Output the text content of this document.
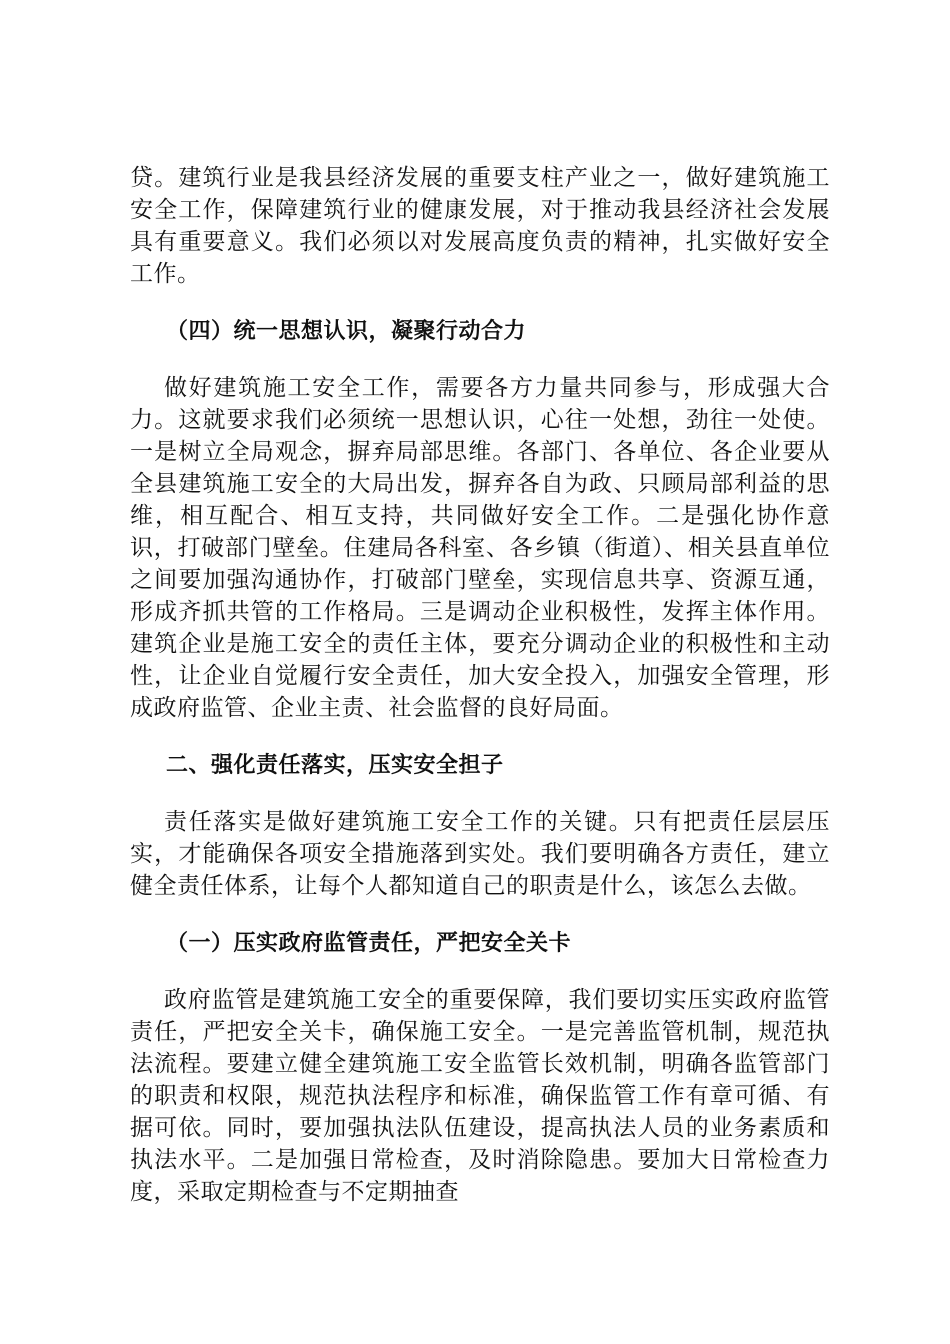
贷。建筑行业是我县经济发展的重要支柱产业之一，做好建筑施工安全工作，保障建筑行业的健康发展，对于推动我县经济社会发展具有重要意义。我们必须以对发展高度负责的精神，扎实做好安全工作。

（四）统一思想认识，凝聚行动合力

做好建筑施工安全工作，需要各方力量共同参与，形成强大合力。这就要求我们必须统一思想认识，心往一处想，劲往一处使。一是树立全局观念，摒弃局部思维。各部门、各单位、各企业要从全县建筑施工安全的大局出发，摒弃各自为政、只顾局部利益的思维，相互配合、相互支持，共同做好安全工作。二是强化协作意识，打破部门壁垒。住建局各科室、各乡镇（街道）、相关县直单位之间要加强沟通协作，打破部门壁垒，实现信息共享、资源互通，形成齐抓共管的工作格局。三是调动企业积极性，发挥主体作用。建筑企业是施工安全的责任主体，要充分调动企业的积极性和主动性，让企业自觉履行安全责任，加大安全投入，加强安全管理，形成政府监管、企业主责、社会监督的良好局面。

二、强化责任落实，压实安全担子

责任落实是做好建筑施工安全工作的关键。只有把责任层层压实，才能确保各项安全措施落到实处。我们要明确各方责任，建立健全责任体系，让每个人都知道自己的职责是什么，该怎么去做。

（一）压实政府监管责任，严把安全关卡

政府监管是建筑施工安全的重要保障，我们要切实压实政府监管责任，严把安全关卡，确保施工安全。一是完善监管机制，规范执法流程。要建立健全建筑施工安全监管长效机制，明确各监管部门的职责和权限，规范执法程序和标准，确保监管工作有章可循、有据可依。同时，要加强执法队伍建设，提高执法人员的业务素质和执法水平。二是加强日常检查，及时消除隐患。要加大日常检查力度，采取定期检查与不定期抽查
